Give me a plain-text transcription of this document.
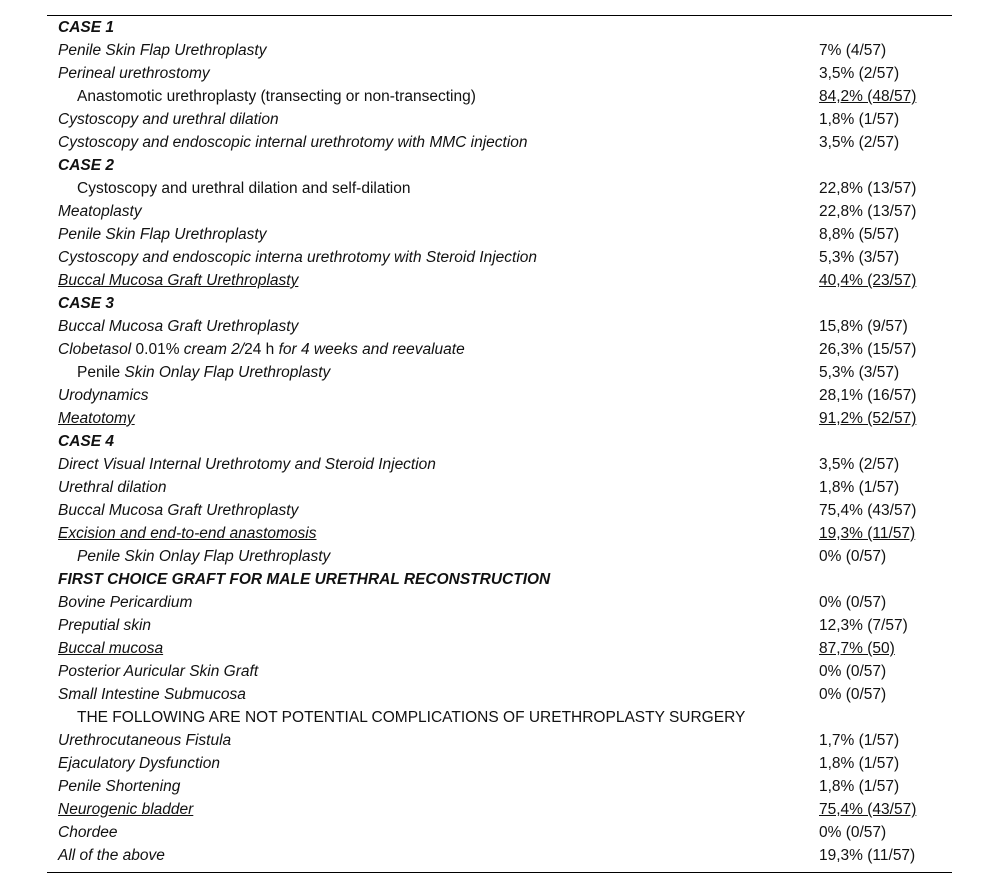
CASE 1
Penile Skin Flap Urethroplasty	7% (4/57)
Perineal urethrostomy	3,5% (2/57)
Anastomotic urethroplasty (transecting or non-transecting)	84,2% (48/57)
Cystoscopy and urethral dilation	1,8% (1/57)
Cystoscopy and endoscopic internal urethrotomy with MMC injection	3,5% (2/57)
CASE 2
Cystoscopy and urethral dilation and self-dilation	22,8% (13/57)
Meatoplasty	22,8% (13/57)
Penile Skin Flap Urethroplasty	8,8% (5/57)
Cystoscopy and endoscopic interna urethrotomy with Steroid Injection	5,3% (3/57)
Buccal Mucosa Graft Urethroplasty	40,4% (23/57)
CASE 3
Buccal Mucosa Graft Urethroplasty	15,8% (9/57)
Clobetasol 0.01% cream 2/24 h for 4 weeks and reevaluate	26,3% (15/57)
Penile Skin Onlay Flap Urethroplasty	5,3% (3/57)
Urodynamics	28,1% (16/57)
Meatotomy	91,2% (52/57)
CASE 4
Direct Visual Internal Urethrotomy and Steroid Injection	3,5% (2/57)
Urethral dilation	1,8% (1/57)
Buccal Mucosa Graft Urethroplasty	75,4% (43/57)
Excision and end-to-end anastomosis	19,3% (11/57)
Penile Skin Onlay Flap Urethroplasty	0% (0/57)
FIRST CHOICE GRAFT FOR MALE URETHRAL RECONSTRUCTION
Bovine Pericardium	0% (0/57)
Preputial skin	12,3% (7/57)
Buccal mucosa	87,7% (50)
Posterior Auricular Skin Graft	0% (0/57)
Small Intestine Submucosa	0% (0/57)
THE FOLLOWING ARE NOT POTENTIAL COMPLICATIONS OF URETHROPLASTY SURGERY
Urethrocutaneous Fistula	1,7% (1/57)
Ejaculatory Dysfunction	1,8% (1/57)
Penile Shortening	1,8% (1/57)
Neurogenic bladder	75,4% (43/57)
Chordee	0% (0/57)
All of the above	19,3% (11/57)
